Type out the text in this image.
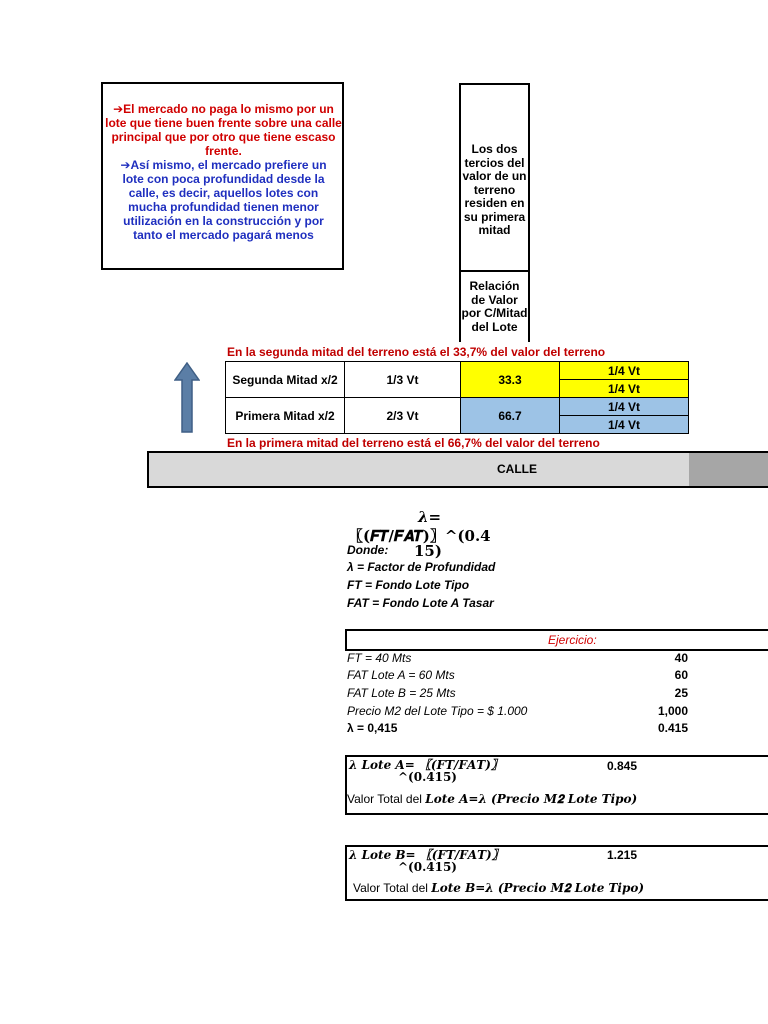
➔El mercado no paga lo mismo por un lote que tiene buen frente sobre una calle principal que por otro que tiene escaso frente.
➔Así mismo, el mercado prefiere un lote con poca profundidad desde la calle, es decir, aquellos lotes con mucha profundidad tienen menor utilización en la construcción y por tanto el mercado pagará menos
Los dos tercios del valor de un terreno residen en su primera mitad
Relación de Valor por C/Mitad del Lote
En la segunda mitad del terreno está el 33,7% del valor del terreno
En la primera mitad del terreno está el 66,7% del valor del terreno
Segunda Mitad x/2	1/3 Vt	33.3	1/4 Vt
			1/4 Vt
Primera Mitad x/2	2/3 Vt	66.7	1/4 Vt
			1/4 Vt
CALLE
𝝀=
〖(𝑭𝑻/𝑭𝑨𝑻)〗^(0.4
15)
Donde:
λ = Factor de Profundidad
FT = Fondo Lote Tipo
FAT = Fondo Lote A Tasar
Ejercicio:
FT = 40 Mts	40
FAT Lote A = 60 Mts	60
FAT Lote B = 25 Mts	25
Precio M2 del Lote Tipo = $ 1.000	1,000
λ = 0,415	0.415
𝝀 𝑳𝒐𝒕𝒆 𝑨= 〖(𝑭𝑻/𝑭𝑨𝑻)〗
^(0.415)
0.845
Valor Total del 𝑳𝒐𝒕𝒆 𝑨=λ (𝑷𝒓𝒆𝒄𝒊𝒐 𝑴𝟐 𝑳𝒐𝒕𝒆 𝑻𝒊𝒑𝒐)
𝝀 𝑳𝒐𝒕𝒆 𝑩= 〖(𝑭𝑻/𝑭𝑨𝑻)〗
^(0.415)
1.215
Valor Total del 𝑳𝒐𝒕𝒆 𝑩=λ (𝑷𝒓𝒆𝒄𝒊𝒐 𝑴𝟐 𝑳𝒐𝒕𝒆 𝑻𝒊𝒑𝒐)
